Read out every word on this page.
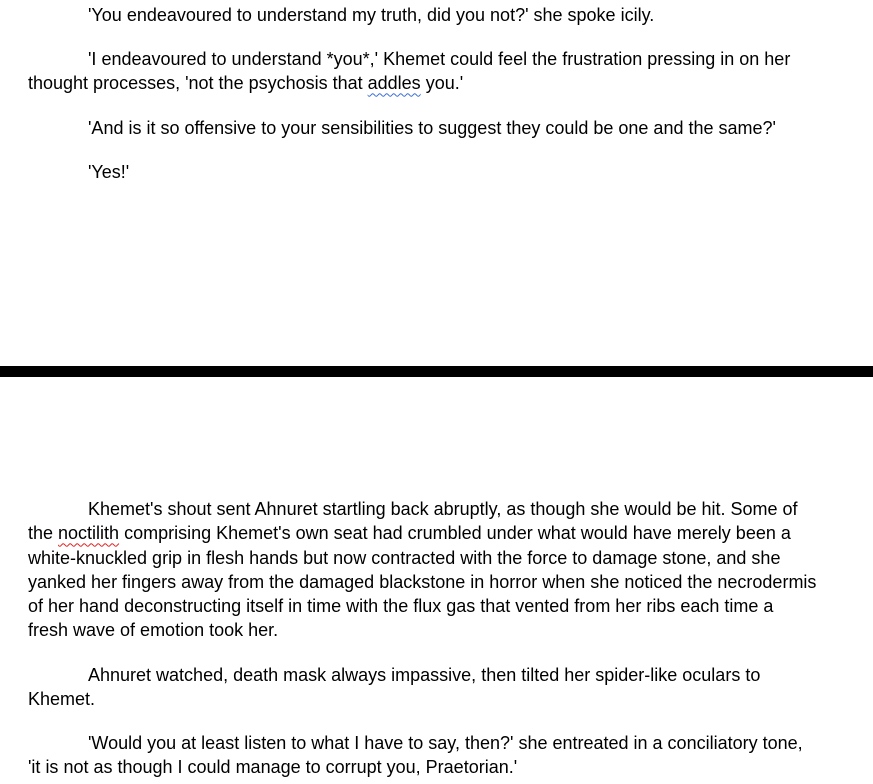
'You endeavoured to understand my truth, did you not?' she spoke icily.

'I endeavoured to understand *you*,' Khemet could feel the frustration pressing in on her thought processes, 'not the psychosis that addles you.'

'And is it so offensive to your sensibilities to suggest they could be one and the same?'

'Yes!'

Khemet's shout sent Ahnuret startling back abruptly, as though she would be hit. Some of the noctilith comprising Khemet's own seat had crumbled under what would have merely been a white-knuckled grip in flesh hands but now contracted with the force to damage stone, and she yanked her fingers away from the damaged blackstone in horror when she noticed the necrodermis of her hand deconstructing itself in time with the flux gas that vented from her ribs each time a fresh wave of emotion took her.

Ahnuret watched, death mask always impassive, then tilted her spider-like oculars to Khemet.

'Would you at least listen to what I have to say, then?' she entreated in a conciliatory tone, 'it is not as though I could manage to corrupt you, Praetorian.'
